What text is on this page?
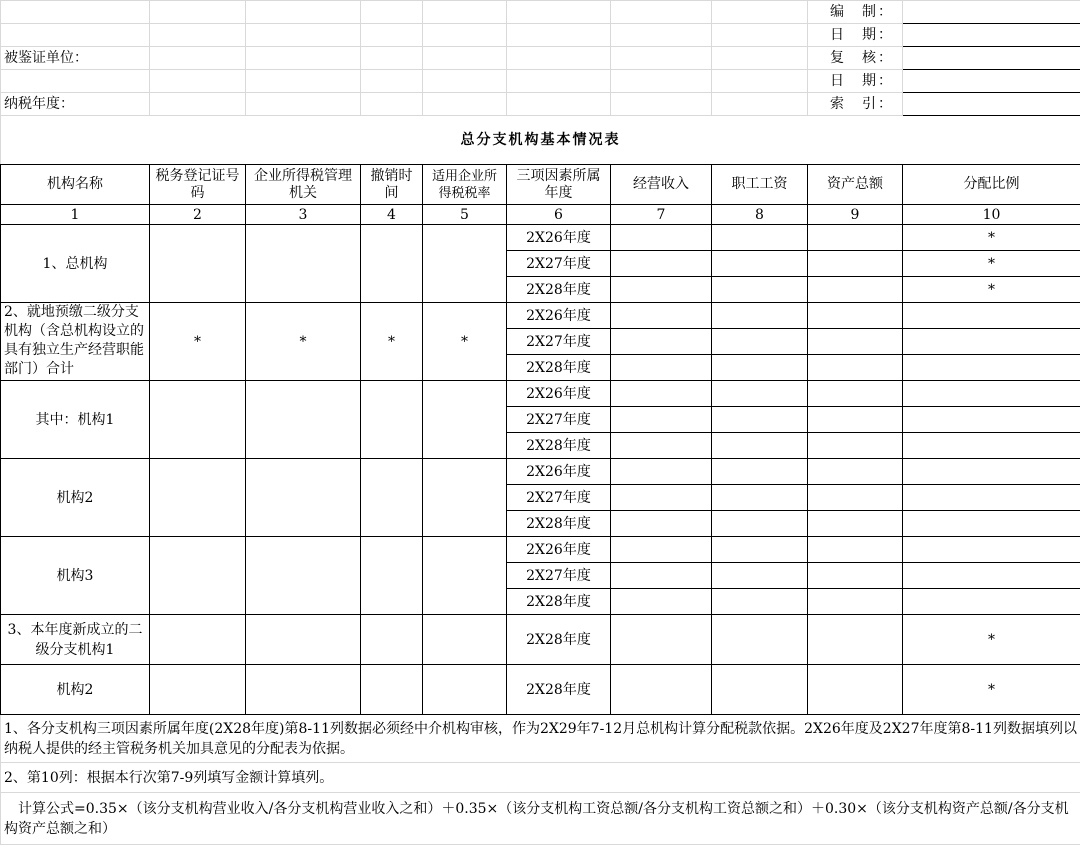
								编　制：	
								日　期：	
被鉴证单位：								复　核：	
								日　期：	
纳税年度：								索　引：	
总分支机构基本情况表									
机构名称	税务登记证号码	企业所得税管理机关	撤销时间	适用企业所得税税率	三项因素所属年度	经营收入	职工工资	资产总额	分配比例
1	2	3	4	5	6	7	8	9	10
1、总机构					2X26年度				*
					2X27年度				*
					2X28年度				*
2、就地预缴二级分支机构（含总机构设立的具有独立生产经营职能部门）合计	*	*	*	*	2X26年度				
					2X27年度				
					2X28年度				
其中：机构1					2X26年度				
					2X27年度				
					2X28年度				
机构2					2X26年度				
					2X27年度				
					2X28年度				
机构3					2X26年度				
					2X27年度				
					2X28年度				
3、本年度新成立的二级分支机构1					2X28年度				*
机构2					2X28年度				*
1、各分支机构三项因素所属年度(2X28年度)第8-11列数据必须经中介机构审核，作为2X29年7-12月总机构计算分配税款依据。2X26年度及2X27年度第8-11列数据填列以纳税人提供的经主管税务机关加具意见的分配表为依据。									
2、第10列：根据本行次第7-9列填写金额计算填列。									
　计算公式=0.35×（该分支机构营业收入/各分支机构营业收入之和）＋0.35×（该分支机构工资总额/各分支机构工资总额之和）＋0.30×（该分支机构资产总额/各分支机构资产总额之和）									
